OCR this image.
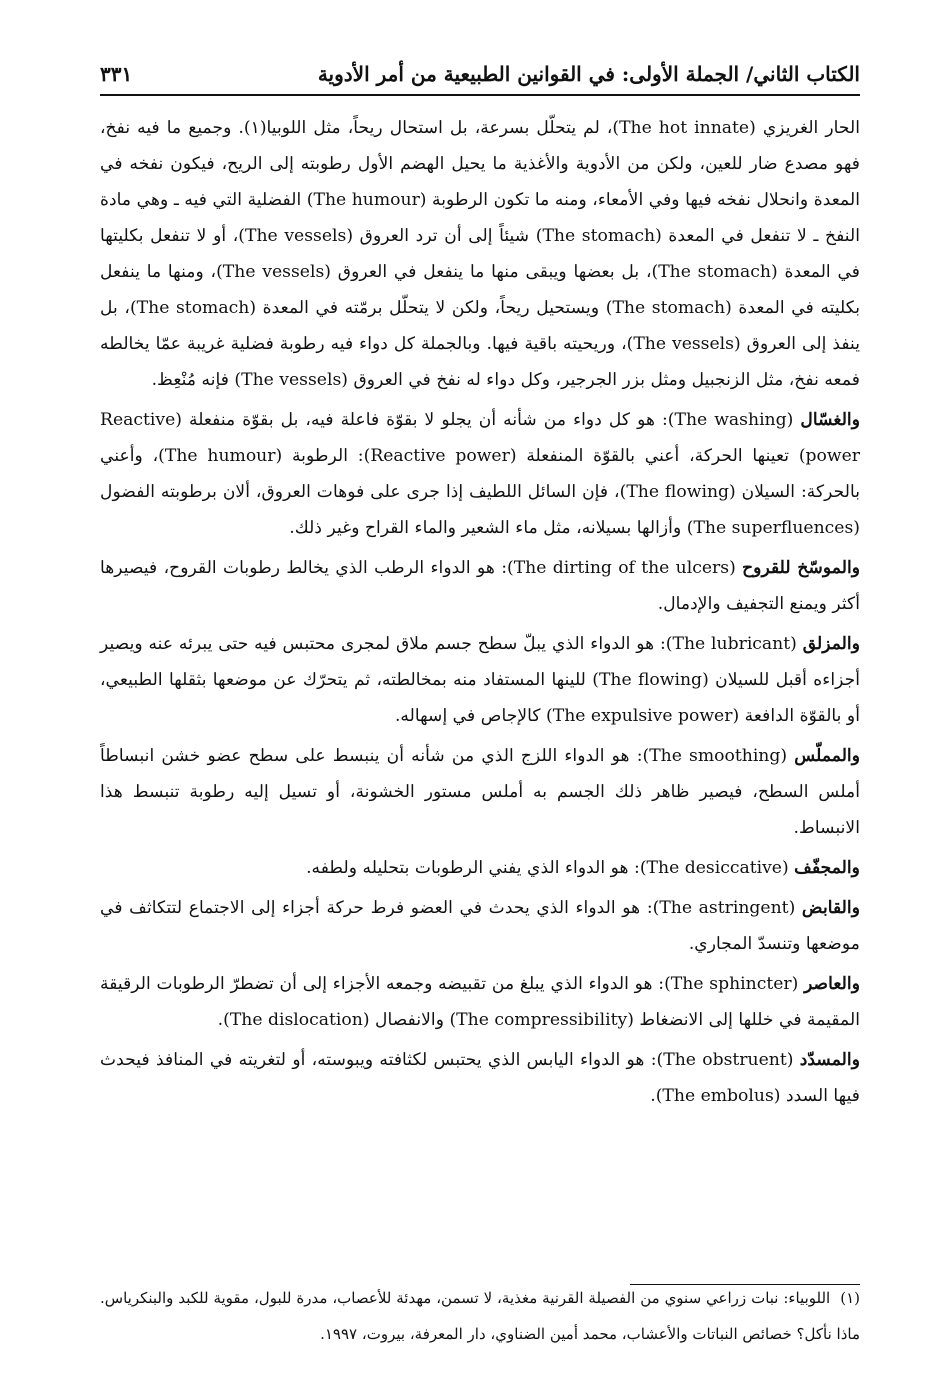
الكتاب الثاني/ الجملة الأولى: في القوانين الطبيعية من أمر الأدوية
٣٣١

الحار الغريزي (The hot innate)، لم يتحلّل بسرعة، بل استحال ريحاً، مثل اللوبيا(١). وجميع ما فيه نفخ، فهو مصدع ضار للعين، ولكن من الأدوية والأغذية ما يحيل الهضم الأول رطوبته إلى الريح، فيكون نفخه في المعدة وانحلال نفخه فيها وفي الأمعاء، ومنه ما تكون الرطوبة (The humour) الفضلية التي فيه ـ وهي مادة النفخ ـ لا تنفعل في المعدة (The stomach) شيئاً إلى أن ترد العروق (The vessels)، أو لا تنفعل بكليتها في المعدة (The stomach)، بل بعضها ويبقى منها ما ينفعل في العروق (The vessels)، ومنها ما ينفعل بكليته في المعدة (The stomach) ويستحيل ريحاً، ولكن لا يتحلّل برمّته في المعدة (The stomach)، بل ينفذ إلى العروق (The vessels)، وريحيته باقية فيها. وبالجملة كل دواء فيه رطوبة فضلية غريبة عمّا يخالطه فمعه نفخ، مثل الزنجبيل ومثل بزر الجرجير، وكل دواء له نفخ في العروق (The vessels) فإنه مُنْعِظ.

والغسّال (The washing): هو كل دواء من شأنه أن يجلو لا بقوّة فاعلة فيه، بل بقوّة منفعلة (Reactive power) تعينها الحركة، أعني بالقوّة المنفعلة (Reactive power): الرطوبة (The humour)، وأعني بالحركة: السيلان (The flowing)، فإن السائل اللطيف إذا جرى على فوهات العروق، ألان برطوبته الفضول (The superfluences) وأزالها بسيلانه، مثل ماء الشعير والماء القراح وغير ذلك.

والموسّخ للقروح (The dirting of the ulcers): هو الدواء الرطب الذي يخالط رطوبات القروح، فيصيرها أكثر ويمنع التجفيف والإدمال.

والمزلق (The lubricant): هو الدواء الذي يبلّ سطح جسم ملاق لمجرى محتبس فيه حتى يبرئه عنه ويصير أجزاءه أقبل للسيلان (The flowing) للينها المستفاد منه بمخالطته، ثم يتحرّك عن موضعها بثقلها الطبيعي، أو بالقوّة الدافعة (The expulsive power) كالإجاص في إسهاله.

والمملّس (The smoothing): هو الدواء اللزج الذي من شأنه أن ينبسط على سطح عضو خشن انبساطاً أملس السطح، فيصير ظاهر ذلك الجسم به أملس مستور الخشونة، أو تسيل إليه رطوبة تنبسط هذا الانبساط.

والمجفّف (The desiccative): هو الدواء الذي يفني الرطوبات بتحليله ولطفه.

والقابض (The astringent): هو الدواء الذي يحدث في العضو فرط حركة أجزاء إلى الاجتماع لتتكاثف في موضعها وتنسدّ المجاري.

والعاصر (The sphincter): هو الدواء الذي يبلغ من تقبيضه وجمعه الأجزاء إلى أن تضطرّ الرطوبات الرقيقة المقيمة في خللها إلى الانضغاط (The compressibility) والانفصال (The dislocation).

والمسدّد (The obstruent): هو الدواء اليابس الذي يحتبس لكثافته ويبوسته، أو لتغريته في المنافذ فيحدث فيها السدد (The embolus).

(١)اللوبياء: نبات زراعي سنوي من الفصيلة القرنية مغذية، لا تسمن، مهدئة للأعصاب، مدرة للبول، مقوية للكبد والبنكرياس. ماذا نأكل؟ خصائص النباتات والأعشاب، محمد أمين الضناوي، دار المعرفة، بيروت، ١٩٩٧.
